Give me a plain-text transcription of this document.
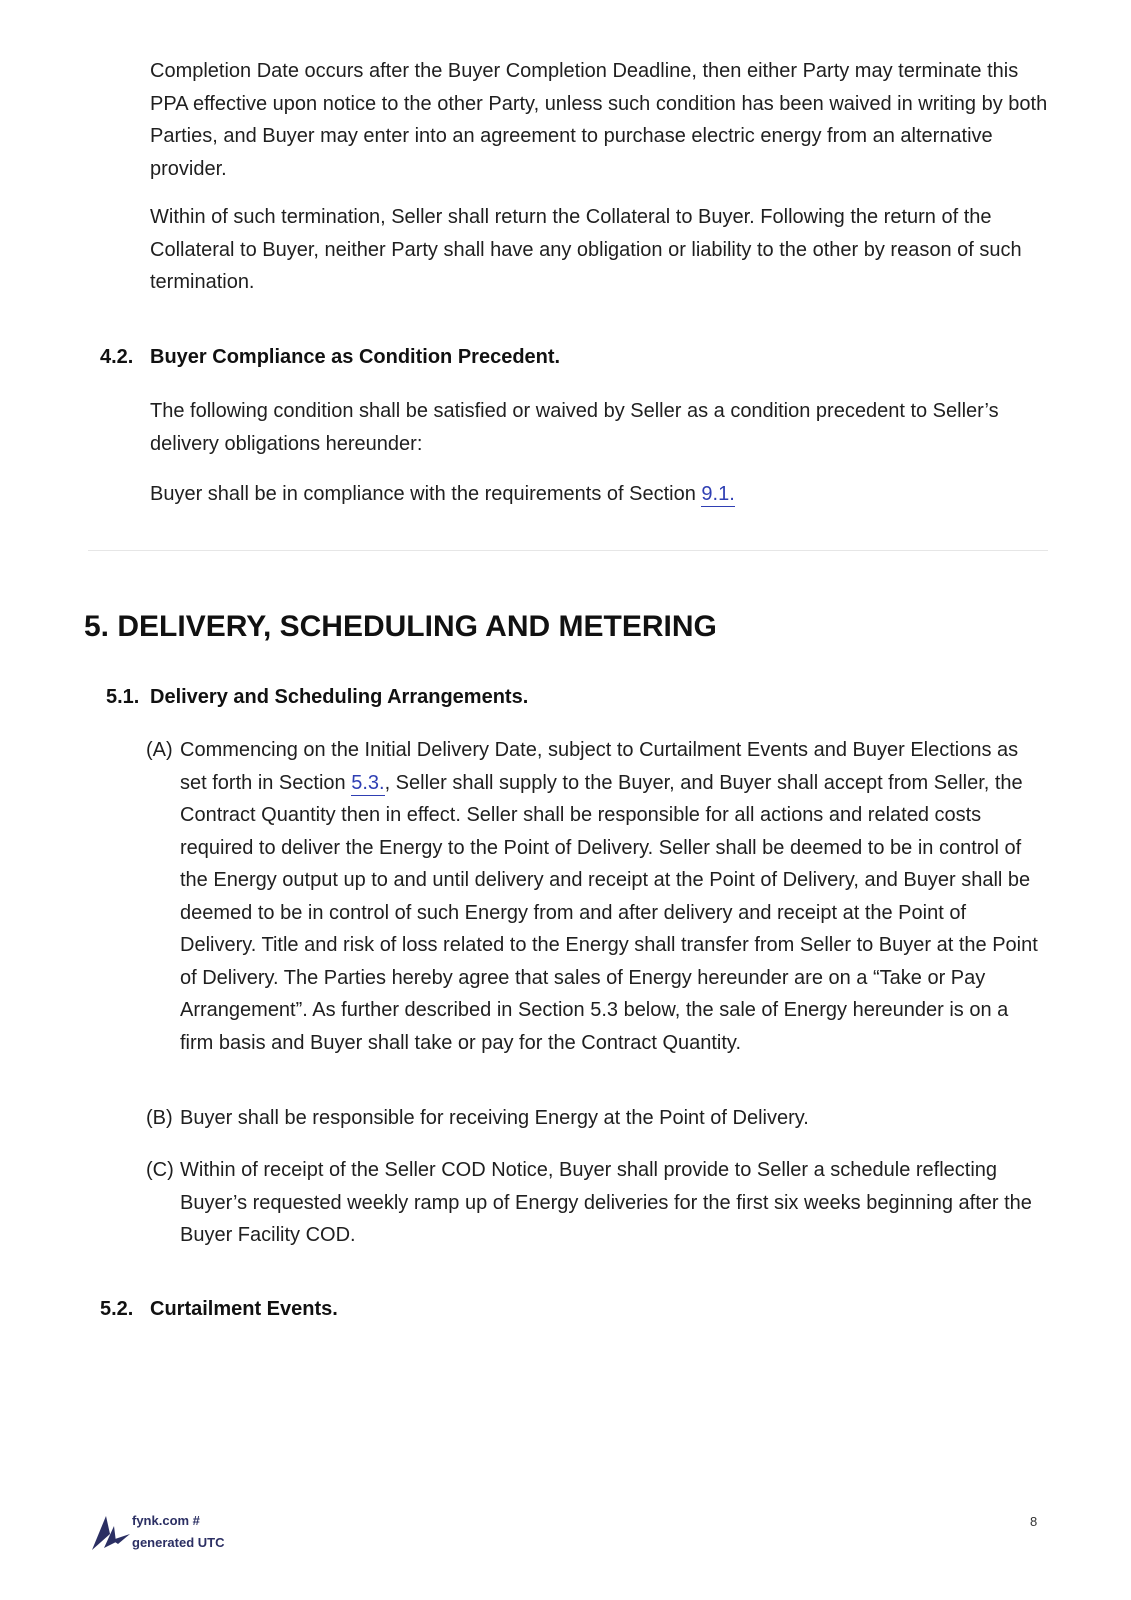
Completion Date occurs after the Buyer Completion Deadline, then either Party may terminate this PPA effective upon notice to the other Party, unless such condition has been waived in writing by both Parties, and Buyer may enter into an agreement to purchase electric energy from an alternative provider.

Within of such termination, Seller shall return the Collateral to Buyer. Following the return of the Collateral to Buyer, neither Party shall have any obligation or liability to the other by reason of such termination.

4.2. Buyer Compliance as Condition Precedent.

The following condition shall be satisfied or waived by Seller as a condition precedent to Seller’s delivery obligations hereunder:

Buyer shall be in compliance with the requirements of Section 9.1.

5. DELIVERY, SCHEDULING AND METERING
5.1. Delivery and Scheduling Arrangements.

(A) Commencing on the Initial Delivery Date, subject to Curtailment Events and Buyer Elections as set forth in Section 5.3., Seller shall supply to the Buyer, and Buyer shall accept from Seller, the Contract Quantity then in effect. Seller shall be responsible for all actions and related costs required to deliver the Energy to the Point of Delivery. Seller shall be deemed to be in control of the Energy output up to and until delivery and receipt at the Point of Delivery, and Buyer shall be deemed to be in control of such Energy from and after delivery and receipt at the Point of Delivery. Title and risk of loss related to the Energy shall transfer from Seller to Buyer at the Point of Delivery. The Parties hereby agree that sales of Energy hereunder are on a “Take or Pay Arrangement”. As further described in Section 5.3 below, the sale of Energy hereunder is on a firm basis and Buyer shall take or pay for the Contract Quantity.

(B) Buyer shall be responsible for receiving Energy at the Point of Delivery.

(C) Within of receipt of the Seller COD Notice, Buyer shall provide to Seller a schedule reflecting Buyer’s requested weekly ramp up of Energy deliveries for the first six weeks beginning after the Buyer Facility COD.

5.2. Curtailment Events.
fynk.com #
generated UTC
8
